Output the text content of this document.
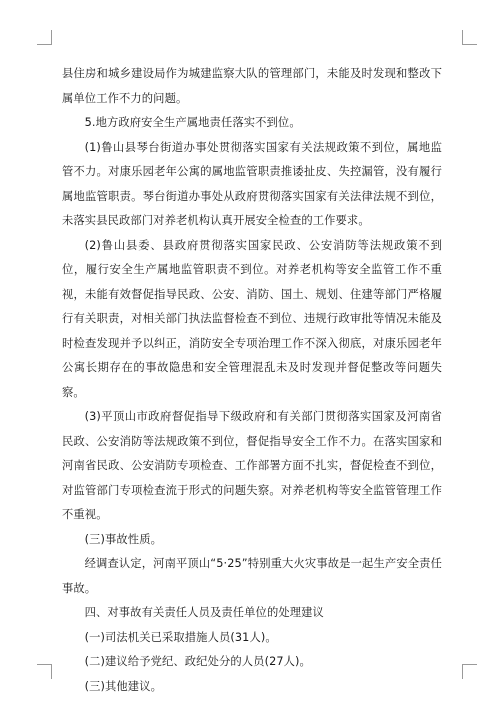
县住房和城乡建设局作为城建监察大队的管理部门，未能及时发现和整改下属单位工作不力的问题。

5.地方政府安全生产属地责任落实不到位。

(1)鲁山县琴台街道办事处贯彻落实国家有关法规政策不到位，属地监管不力。对康乐园老年公寓的属地监管职责推诿扯皮、失控漏管，没有履行属地监管职责。琴台街道办事处从政府贯彻落实国家有关法律法规不到位，未落实县民政部门对养老机构认真开展安全检查的工作要求。

(2)鲁山县委、县政府贯彻落实国家民政、公安消防等法规政策不到位，履行安全生产属地监管职责不到位。对养老机构等安全监管工作不重视，未能有效督促指导民政、公安、消防、国土、规划、住建等部门严格履行有关职责，对相关部门执法监督检查不到位、违规行政审批等情况未能及时检查发现并予以纠正，消防安全专项治理工作不深入彻底，对康乐园老年公寓长期存在的事故隐患和安全管理混乱未及时发现并督促整改等问题失察。

(3)平顶山市政府督促指导下级政府和有关部门贯彻落实国家及河南省民政、公安消防等法规政策不到位，督促指导安全工作不力。在落实国家和河南省民政、公安消防专项检查、工作部署方面不扎实，督促检查不到位，对监管部门专项检查流于形式的问题失察。对养老机构等安全监管管理工作不重视。

(三)事故性质。

经调查认定，河南平顶山“5·25”特别重大火灾事故是一起生产安全责任事故。

四、对事故有关责任人员及责任单位的处理建议

(一)司法机关已采取措施人员(31人)。

(二)建议给予党纪、政纪处分的人员(27人)。

(三)其他建议。
